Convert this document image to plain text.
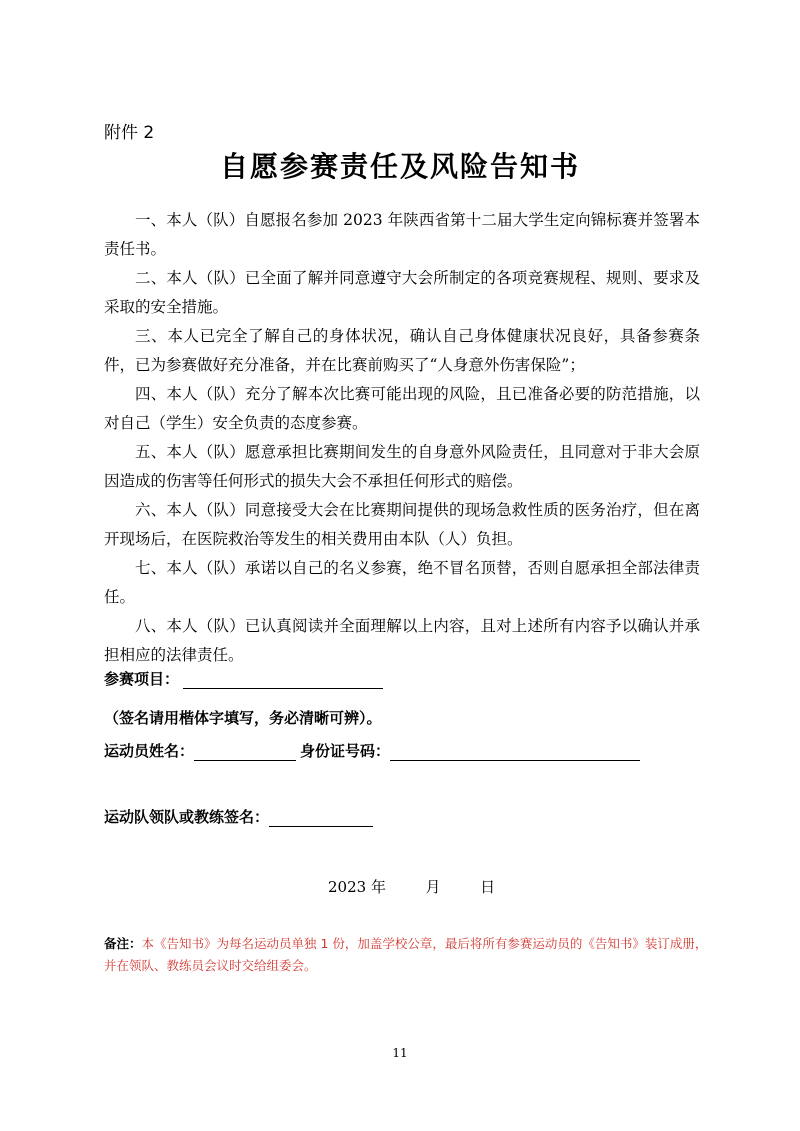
附件 2
自愿参赛责任及风险告知书

一、本人（队）自愿报名参加 2023 年陕西省第十二届大学生定向锦标赛并签署本责任书。

二、本人（队）已全面了解并同意遵守大会所制定的各项竞赛规程、规则、要求及采取的安全措施。

三、本人已完全了解自己的身体状况，确认自己身体健康状况良好，具备参赛条件，已为参赛做好充分准备，并在比赛前购买了“人身意外伤害保险”；

四、本人（队）充分了解本次比赛可能出现的风险，且已准备必要的防范措施，以对自己（学生）安全负责的态度参赛。

五、本人（队）愿意承担比赛期间发生的自身意外风险责任，且同意对于非大会原因造成的伤害等任何形式的损失大会不承担任何形式的赔偿。

六、本人（队）同意接受大会在比赛期间提供的现场急救性质的医务治疗，但在离开现场后，在医院救治等发生的相关费用由本队（人）负担。

七、本人（队）承诺以自己的名义参赛，绝不冒名顶替，否则自愿承担全部法律责任。

八、本人（队）已认真阅读并全面理解以上内容，且对上述所有内容予以确认并承担相应的法律责任。

参赛项目：
（签名请用楷体字填写，务必清晰可辨）。
运动员姓名：	身份证号码：
运动队领队或教练签名：
2023 年	月	日
备注：本《告知书》为每名运动员单独 1 份，加盖学校公章，最后将所有参赛运动员的《告知书》装订成册，并在领队、教练员会议时交给组委会。
11
